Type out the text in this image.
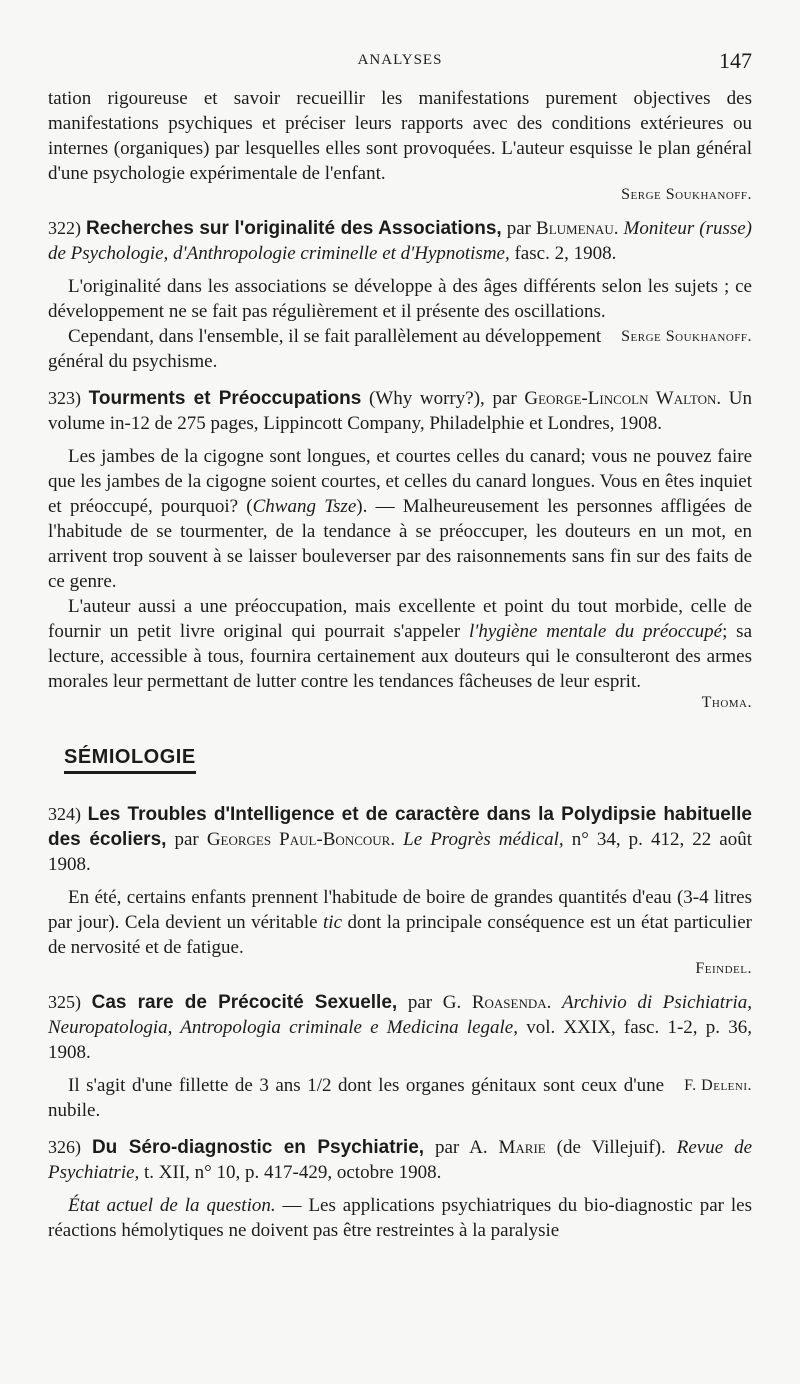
ANALYSES	147

tation rigoureuse et savoir recueillir les manifestations purement objectives des manifestations psychiques et préciser leurs rapports avec des conditions extérieures ou internes (organiques) par lesquelles elles sont provoquées. L'auteur esquisse le plan général d'une psychologie expérimentale de l'enfant.

Serge Soukhanoff.

322) Recherches sur l'originalité des Associations, par Blumenau. Moniteur (russe) de Psychologie, d'Anthropologie criminelle et d'Hypnotisme, fasc. 2, 1908.

L'originalité dans les associations se développe à des âges différents selon les sujets ; ce développement ne se fait pas régulièrement et il présente des oscillations.

Serge Soukhanoff.
Cependant, dans l'ensemble, il se fait parallèlement au développement général du psychisme.

323) Tourments et Préoccupations (Why worry?), par George-Lincoln Walton. Un volume in-12 de 275 pages, Lippincott Company, Philadelphie et Londres, 1908.

Les jambes de la cigogne sont longues, et courtes celles du canard; vous ne pouvez faire que les jambes de la cigogne soient courtes, et celles du canard longues. Vous en êtes inquiet et préoccupé, pourquoi? (Chwang Tsze). — Malheureusement les personnes affligées de l'habitude de se tourmenter, de la tendance à se préoccuper, les douteurs en un mot, en arrivent trop souvent à se laisser bouleverser par des raisonnements sans fin sur des faits de ce genre.

L'auteur aussi a une préoccupation, mais excellente et point du tout morbide, celle de fournir un petit livre original qui pourrait s'appeler l'hygiène mentale du préoccupé; sa lecture, accessible à tous, fournira certainement aux douteurs qui le consulteront des armes morales leur permettant de lutter contre les tendances fâcheuses de leur esprit.

Thoma.
SÉMIOLOGIE

324) Les Troubles d'Intelligence et de caractère dans la Polydipsie habituelle des écoliers, par Georges Paul-Boncour. Le Progrès médical, n° 34, p. 412, 22 août 1908.

En été, certains enfants prennent l'habitude de boire de grandes quantités d'eau (3-4 litres par jour). Cela devient un véritable tic dont la principale conséquence est un état particulier de nervosité et de fatigue.

Feindel.

325) Cas rare de Précocité Sexuelle, par G. Roasenda. Archivio di Psichiatria, Neuropatologia, Antropologia criminale e Medicina legale, vol. XXIX, fasc. 1-2, p. 36, 1908.

F. Deleni.
Il s'agit d'une fillette de 3 ans 1/2 dont les organes génitaux sont ceux d'une nubile.

326) Du Séro-diagnostic en Psychiatrie, par A. Marie (de Villejuif). Revue de Psychiatrie, t. XII, n° 10, p. 417-429, octobre 1908.

État actuel de la question. — Les applications psychiatriques du bio-diagnostic par les réactions hémolytiques ne doivent pas être restreintes à la paralysie
